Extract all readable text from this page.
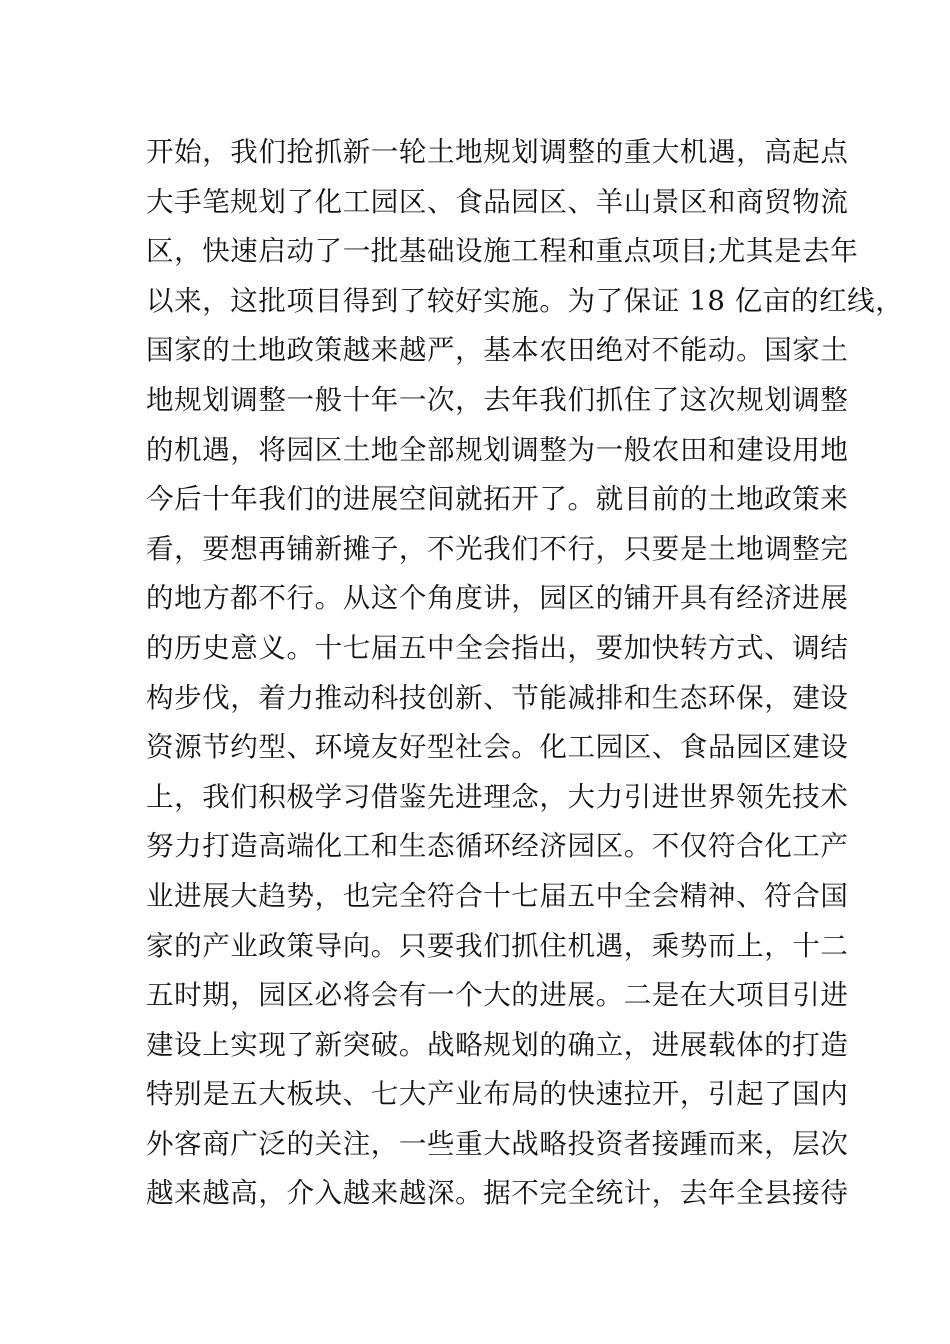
开始，我们抢抓新一轮土地规划调整的重大机遇，高起点
大手笔规划了化工园区、食品园区、羊山景区和商贸物流
区，快速启动了一批基础设施工程和重点项目;尤其是去年
以来，这批项目得到了较好实施。为了保证 18 亿亩的红线，
国家的土地政策越来越严，基本农田绝对不能动。国家土
地规划调整一般十年一次，去年我们抓住了这次规划调整
的机遇，将园区土地全部规划调整为一般农田和建设用地
今后十年我们的进展空间就拓开了。就目前的土地政策来
看，要想再铺新摊子，不光我们不行，只要是土地调整完
的地方都不行。从这个角度讲，园区的铺开具有经济进展
的历史意义。十七届五中全会指出，要加快转方式、调结
构步伐，着力推动科技创新、节能减排和生态环保，建设
资源节约型、环境友好型社会。化工园区、食品园区建设
上，我们积极学习借鉴先进理念，大力引进世界领先技术
努力打造高端化工和生态循环经济园区。不仅符合化工产
业进展大趋势，也完全符合十七届五中全会精神、符合国
家的产业政策导向。只要我们抓住机遇，乘势而上，十二
五时期，园区必将会有一个大的进展。二是在大项目引进
建设上实现了新突破。战略规划的确立，进展载体的打造
特别是五大板块、七大产业布局的快速拉开，引起了国内
外客商广泛的关注，一些重大战略投资者接踵而来，层次
越来越高，介入越来越深。据不完全统计，去年全县接待
